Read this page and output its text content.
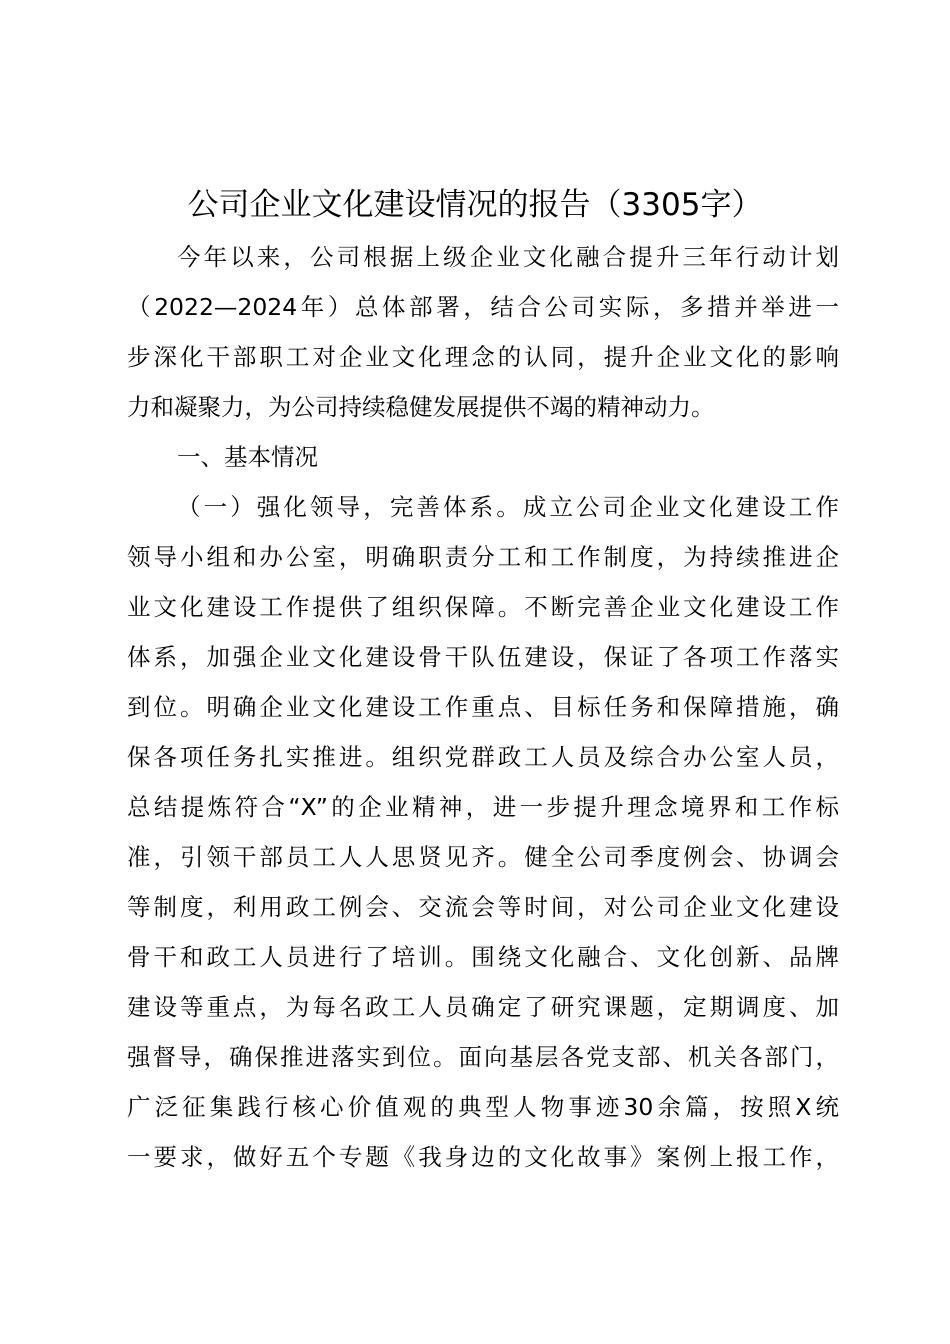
公司企业文化建设情况的报告（3305字）
今年以来，公司根据上级企业文化融合提升三年行动计划
（2022—2024年）总体部署，结合公司实际，多措并举进一
步深化干部职工对企业文化理念的认同，提升企业文化的影响
力和凝聚力，为公司持续稳健发展提供不竭的精神动力。
一、基本情况
（一）强化领导，完善体系。成立公司企业文化建设工作
领导小组和办公室，明确职责分工和工作制度，为持续推进企
业文化建设工作提供了组织保障。不断完善企业文化建设工作
体系，加强企业文化建设骨干队伍建设，保证了各项工作落实
到位。明确企业文化建设工作重点、目标任务和保障措施，确
保各项任务扎实推进。组织党群政工人员及综合办公室人员，
总结提炼符合“X”的企业精神，进一步提升理念境界和工作标
准，引领干部员工人人思贤见齐。健全公司季度例会、协调会
等制度，利用政工例会、交流会等时间，对公司企业文化建设
骨干和政工人员进行了培训。围绕文化融合、文化创新、品牌
建设等重点，为每名政工人员确定了研究课题，定期调度、加
强督导，确保推进落实到位。面向基层各党支部、机关各部门，
广泛征集践行核心价值观的典型人物事迹30余篇，按照X统
一要求，做好五个专题《我身边的文化故事》案例上报工作，
